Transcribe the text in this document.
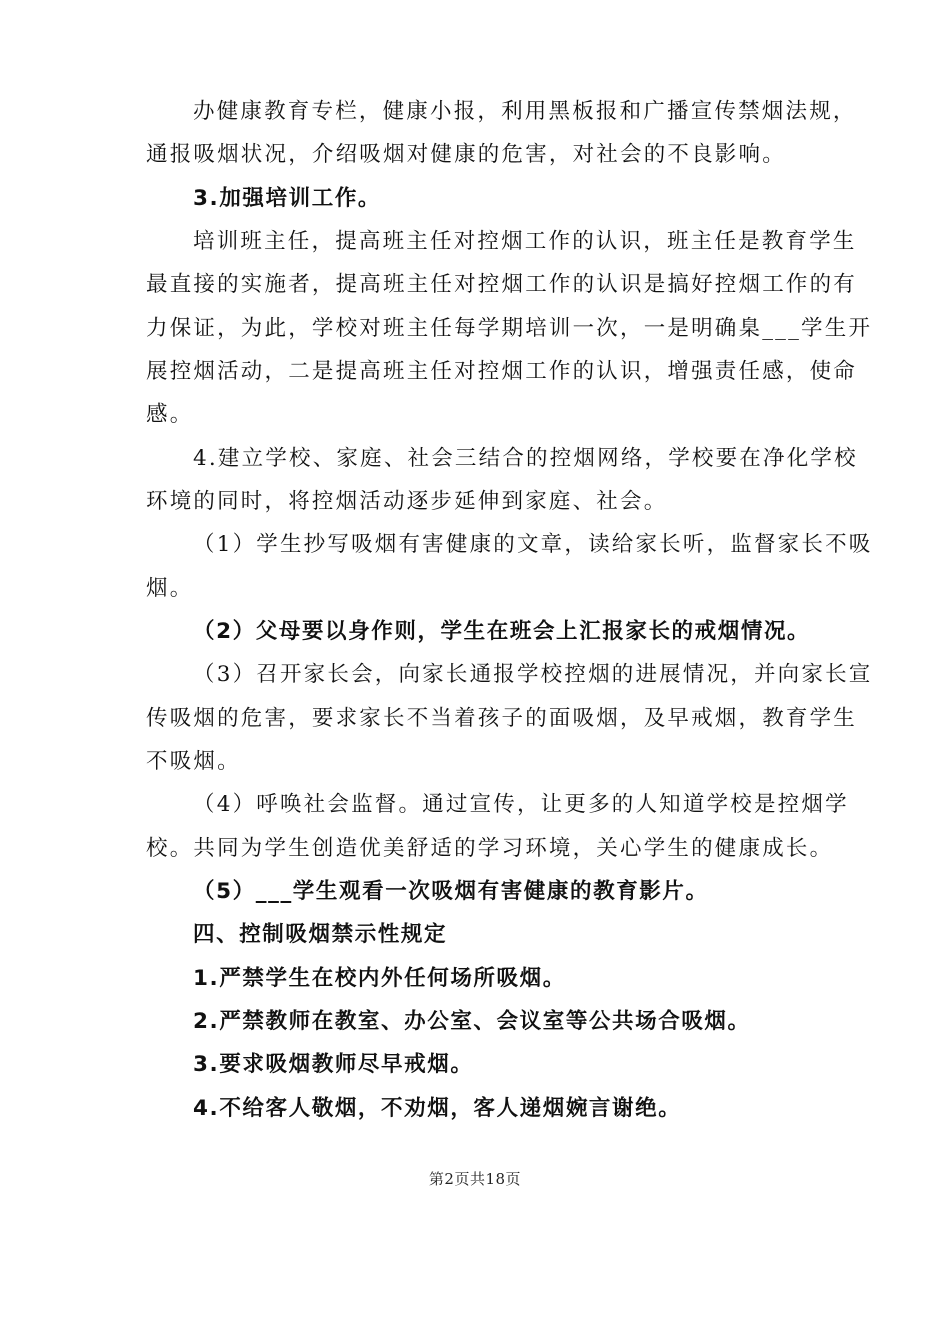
办健康教育专栏，健康小报，利用黑板报和广播宣传禁烟法规，
通报吸烟状况，介绍吸烟对健康的危害，对社会的不良影响。
3.加强培训工作。
培训班主任，提高班主任对控烟工作的认识，班主任是教育学生
最直接的实施者，提高班主任对控烟工作的认识是搞好控烟工作的有
力保证，为此，学校对班主任每学期培训一次，一是明确臬___学生开
展控烟活动，二是提高班主任对控烟工作的认识，增强责任感，使命
感。
4.建立学校、家庭、社会三结合的控烟网络，学校要在净化学校
环境的同时，将控烟活动逐步延伸到家庭、社会。
（1）学生抄写吸烟有害健康的文章，读给家长听，监督家长不吸
烟。
（2）父母要以身作则，学生在班会上汇报家长的戒烟情况。
（3）召开家长会，向家长通报学校控烟的进展情况，并向家长宣
传吸烟的危害，要求家长不当着孩子的面吸烟，及早戒烟，教育学生
不吸烟。
（4）呼唤社会监督。通过宣传，让更多的人知道学校是控烟学
校。共同为学生创造优美舒适的学习环境，关心学生的健康成长。
（5）___学生观看一次吸烟有害健康的教育影片。
四、控制吸烟禁示性规定
1.严禁学生在校内外任何场所吸烟。
2.严禁教师在教室、办公室、会议室等公共场合吸烟。
3.要求吸烟教师尽早戒烟。
4.不给客人敬烟，不劝烟，客人递烟婉言谢绝。
第2页共18页
